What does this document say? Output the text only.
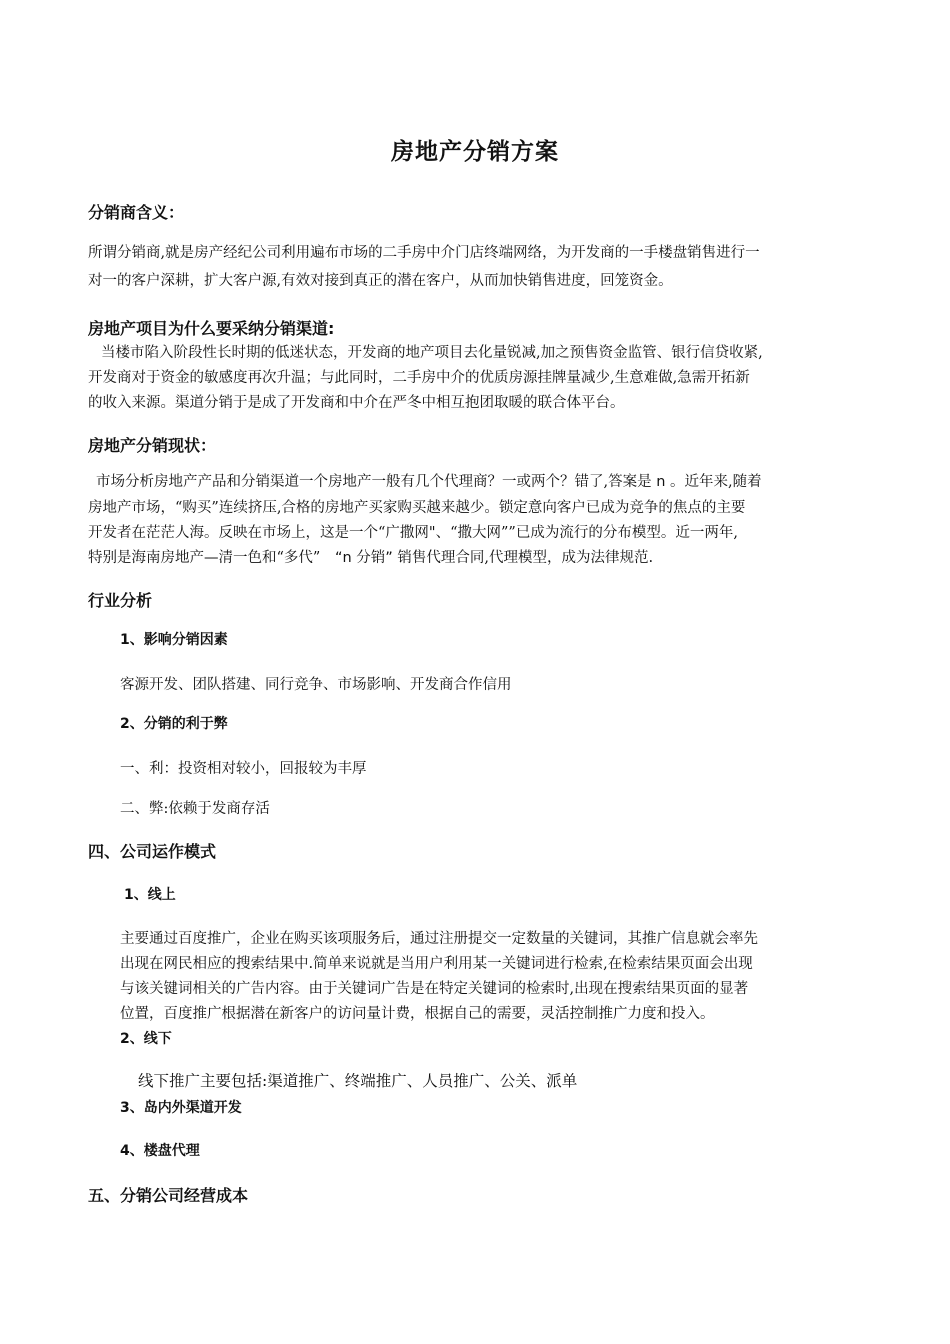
房地产分销方案
分销商含义：
所谓分销商,就是房产经纪公司利用遍布市场的二手房中介门店终端网络，为开发商的一手楼盘销售进行一
对一的客户深耕，扩大客户源,有效对接到真正的潜在客户，从而加快销售进度，回笼资金。
房地产项目为什么要采纳分销渠道:
当楼市陷入阶段性长时期的低迷状态，开发商的地产项目去化量锐减,加之预售资金监管、银行信贷收紧,
开发商对于资金的敏感度再次升温；与此同时，二手房中介的优质房源挂牌量减少,生意难做,急需开拓新
的收入来源。渠道分销于是成了开发商和中介在严冬中相互抱团取暖的联合体平台。
房地产分销现状：
市场分析房地产产品和分销渠道一个房地产一般有几个代理商？一或两个？错了,答案是 n 。近年来,随着
房地产市场，“购买”连续挤压,合格的房地产买家购买越来越少。锁定意向客户已成为竞争的焦点的主要
开发者在茫茫人海。反映在市场上，这是一个“广撒网"、“撒大网””已成为流行的分布模型。近一两年,
特别是海南房地产—清一色和“多代” “n 分销” 销售代理合同,代理模型，成为法律规范.
行业分析
1、影响分销因素
客源开发、团队搭建、同行竞争、市场影响、开发商合作信用
2、分销的利于弊
一、利：投资相对较小，回报较为丰厚
二、弊:依赖于发商存活
四、公司运作模式
1、线上
主要通过百度推广，企业在购买该项服务后，通过注册提交一定数量的关键词，其推广信息就会率先
出现在网民相应的搜索结果中.简单来说就是当用户利用某一关键词进行检索,在检索结果页面会出现
与该关键词相关的广告内容。由于关键词广告是在特定关键词的检索时,出现在搜索结果页面的显著
位置，百度推广根据潜在新客户的访问量计费，根据自己的需要，灵活控制推广力度和投入。
2、线下
线下推广主要包括:渠道推广、终端推广、人员推广、公关、派单
3、岛内外渠道开发
4、楼盘代理
五、分销公司经营成本
